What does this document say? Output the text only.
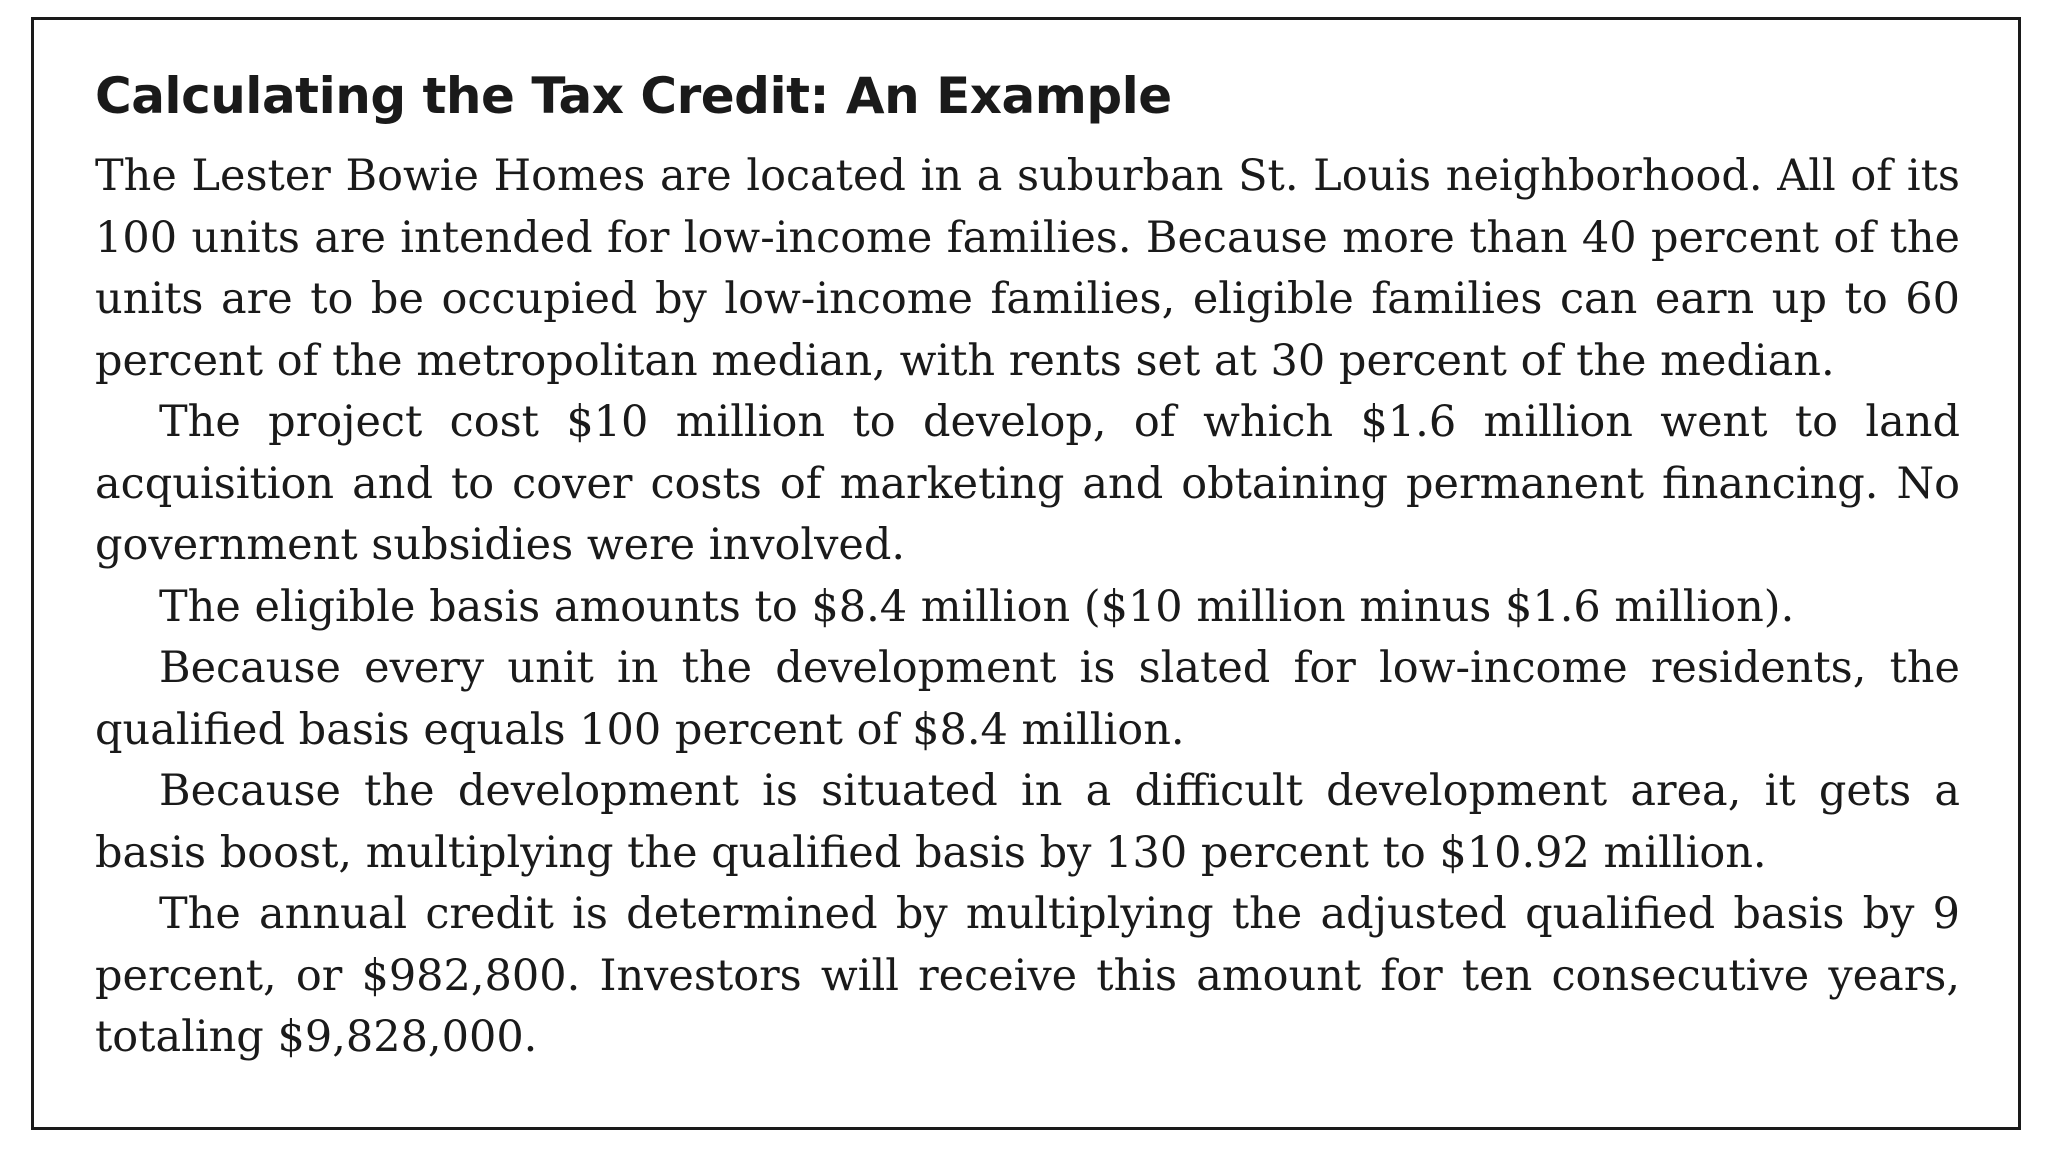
Calculating the Tax Credit: An Example

The Lester Bowie Homes are located in a suburban St. Louis neighborhood. All of its 100 units are intended for low-income families. Because more than 40 percent of the units are to be occupied by low-income families, eligible families can earn up to 60 percent of the metropolitan median, with rents set at 30 percent of the median.

The project cost $10 million to develop, of which $1.6 million went to land acquisition and to cover costs of marketing and obtaining permanent financing. No government subsidies were involved.

The eligible basis amounts to $8.4 million ($10 million minus $1.6 million).

Because every unit in the development is slated for low-income residents, the qualified basis equals 100 percent of $8.4 million.

Because the development is situated in a difficult development area, it gets a basis boost, multiplying the qualified basis by 130 percent to $10.92 million.

The annual credit is determined by multiplying the adjusted qualified basis by 9 percent, or $982,800. Investors will receive this amount for ten consecutive years, totaling $9,828,000.
